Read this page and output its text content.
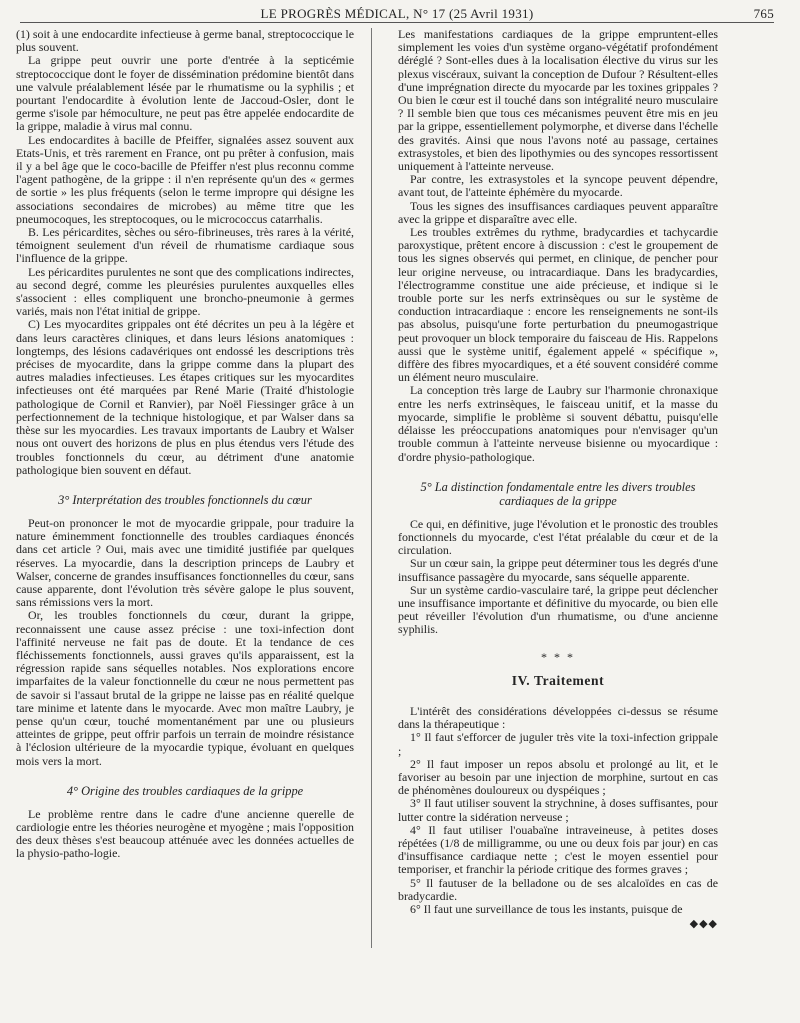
LE PROGRÈS MÉDICAL, N° 17 (25 Avril 1931)	765

(1) soit à une endocardite infectieuse à germe banal, streptococcique le plus souvent.

La grippe peut ouvrir une porte d'entrée à la septicémie streptococcique dont le foyer de dissémination prédomine bientôt dans une valvule préalablement lésée par le rhumatisme ou la syphilis ; et pourtant l'endocardite à évolution lente de Jaccoud-Osler, dont le germe s'isole par hémoculture, ne peut pas être appelée endocardite de la grippe, maladie à virus mal connu.

Les endocardites à bacille de Pfeiffer, signalées assez souvent aux Etats-Unis, et très rarement en France, ont pu prêter à confusion, mais il y a bel âge que le coco-bacille de Pfeiffer n'est plus reconnu comme l'agent pathogène, de la grippe : il n'en représente qu'un des « germes de sortie » les plus fréquents (selon le terme impropre qui désigne les associations secondaires de microbes) au même titre que les pneumocoques, les streptocoques, ou le micrococcus catarrhalis.

B. Les péricardites, sèches ou séro-fibrineuses, très rares à la vérité, témoignent seulement d'un réveil de rhumatisme cardiaque sous l'influence de la grippe.

Les péricardites purulentes ne sont que des complications indirectes, au second degré, comme les pleurésies purulentes auxquelles elles s'associent : elles compliquent une broncho-pneumonie à germes variés, mais non l'état initial de grippe.

C) Les myocardites grippales ont été décrites un peu à la légère et dans leurs caractères cliniques, et dans leurs lésions anatomiques : longtemps, des lésions cadavériques ont endossé les descriptions très précises de myocardite, dans la grippe comme dans la plupart des autres maladies infectieuses. Les étapes critiques sur les myocardites infectieuses ont été marquées par René Marie (Traité d'histologie pathologique de Cornil et Ranvier), par Noël Fiessinger grâce à un perfectionnement de la technique histologique, et par Walser dans sa thèse sur les myocardies. Les travaux importants de Laubry et Walser nous ont ouvert des horizons de plus en plus étendus vers l'étude des troubles fonctionnels du cœur, au détriment d'une anatomie pathologique bien souvent en défaut.

3° Interprétation des troubles fonctionnels du cœur

Peut-on prononcer le mot de myocardie grippale, pour traduire la nature éminemment fonctionnelle des troubles cardiaques énoncés dans cet article ? Oui, mais avec une timidité justifiée par quelques réserves. La myocardie, dans la description princeps de Laubry et Walser, concerne de grandes insuffisances fonctionnelles du cœur, sans cause apparente, dont l'évolution très sévère galope le plus souvent, sans rémissions vers la mort.

Or, les troubles fonctionnels du cœur, durant la grippe, reconnaissent une cause assez précise : une toxi-infection dont l'affinité nerveuse ne fait pas de doute. Et la tendance de ces fléchissements fonctionnels, aussi graves qu'ils apparaissent, est la régression rapide sans séquelles notables. Nos explorations encore imparfaites de la valeur fonctionnelle du cœur ne nous permettent pas de savoir si l'assaut brutal de la grippe ne laisse pas en réalité quelque tare minime et latente dans le myocarde. Avec mon maître Laubry, je pense qu'un cœur, touché momentanément par une ou plusieurs atteintes de grippe, peut offrir parfois un terrain de moindre résistance à l'éclosion ultérieure de la myocardie typique, évoluant en quelques mois vers la mort.

4° Origine des troubles cardiaques de la grippe

Le problème rentre dans le cadre d'une ancienne querelle de cardiologie entre les théories neurogène et myogène ; mais l'opposition des deux thèses s'est beaucoup atténuée avec les données actuelles de la physio-patho-logie.

Les manifestations cardiaques de la grippe empruntent-elles simplement les voies d'un système organo-végétatif profondément déréglé ? Sont-elles dues à la localisation élective du virus sur les plexus viscéraux, suivant la conception de Dufour ? Résultent-elles d'une imprégnation directe du myocarde par les toxines grippales ? Ou bien le cœur est il touché dans son intégralité neuro musculaire ? Il semble bien que tous ces mécanismes peuvent être mis en jeu par la grippe, essentiellement polymorphe, et diverse dans l'échelle des gravités. Ainsi que nous l'avons noté au passage, certaines extrasystoles, et bien des lipothymies ou des syncopes ressortissent uniquement à l'atteinte nerveuse.

Par contre, les extrasystoles et la syncope peuvent dépendre, avant tout, de l'atteinte éphémère du myocarde.

Tous les signes des insuffisances cardiaques peuvent apparaître avec la grippe et disparaître avec elle.

Les troubles extrêmes du rythme, bradycardies et tachycardie paroxystique, prêtent encore à discussion : c'est le groupement de tous les signes observés qui permet, en clinique, de pencher pour leur origine nerveuse, ou intracardiaque. Dans les bradycardies, l'électrogramme constitue une aide précieuse, et indique si le trouble porte sur les nerfs extrinsèques ou sur le système de conduction intracardiaque : encore les renseignements ne sont-ils pas absolus, puisqu'une forte perturbation du pneumogastrique peut provoquer un block temporaire du faisceau de His. Rappelons aussi que le système unitif, également appelé « spécifique », diffère des fibres myocardiques, et a été souvent considéré comme un élément neuro musculaire.

La conception très large de Laubry sur l'harmonie chronaxique entre les nerfs extrinsèques, le faisceau unitif, et la masse du myocarde, simplifie le problème si souvent débattu, puisqu'elle délaisse les préoccupations anatomiques pour n'envisager qu'un trouble commun à l'atteinte nerveuse bisienne ou myocardique : d'ordre physio-pathologique.

5° La distinction fondamentale entre les divers troubles cardiaques de la grippe

Ce qui, en définitive, juge l'évolution et le pronostic des troubles fonctionnels du myocarde, c'est l'état préalable du cœur et de la circulation.

Sur un cœur sain, la grippe peut déterminer tous les degrés d'une insuffisance passagère du myocarde, sans séquelle apparente.

Sur un système cardio-vasculaire taré, la grippe peut déclencher une insuffisance importante et définitive du myocarde, ou bien elle peut réveiller l'évolution d'un rhumatisme, ou d'une ancienne syphilis.

* * *
IV. Traitement

L'intérêt des considérations développées ci-dessus se résume dans la thérapeutique :

1° Il faut s'efforcer de juguler très vite la toxi-infection grippale ;

2° Il faut imposer un repos absolu et prolongé au lit, et le favoriser au besoin par une injection de morphine, surtout en cas de phénomènes douloureux ou dyspéiques ;

3° Il faut utiliser souvent la strychnine, à doses suffisantes, pour lutter contre la sidération nerveuse ;

4° Il faut utiliser l'ouabaïne intraveineuse, à petites doses répétées (1/8 de milligramme, ou une ou deux fois par jour) en cas d'insuffisance cardiaque nette ; c'est le moyen essentiel pour temporiser, et franchir la période critique des formes graves ;

5° Il fautuser de la belladone ou de ses alcaloïdes en cas de bradycardie.

6° Il faut une surveillance de tous les instants, puisque de

◆◆◆
